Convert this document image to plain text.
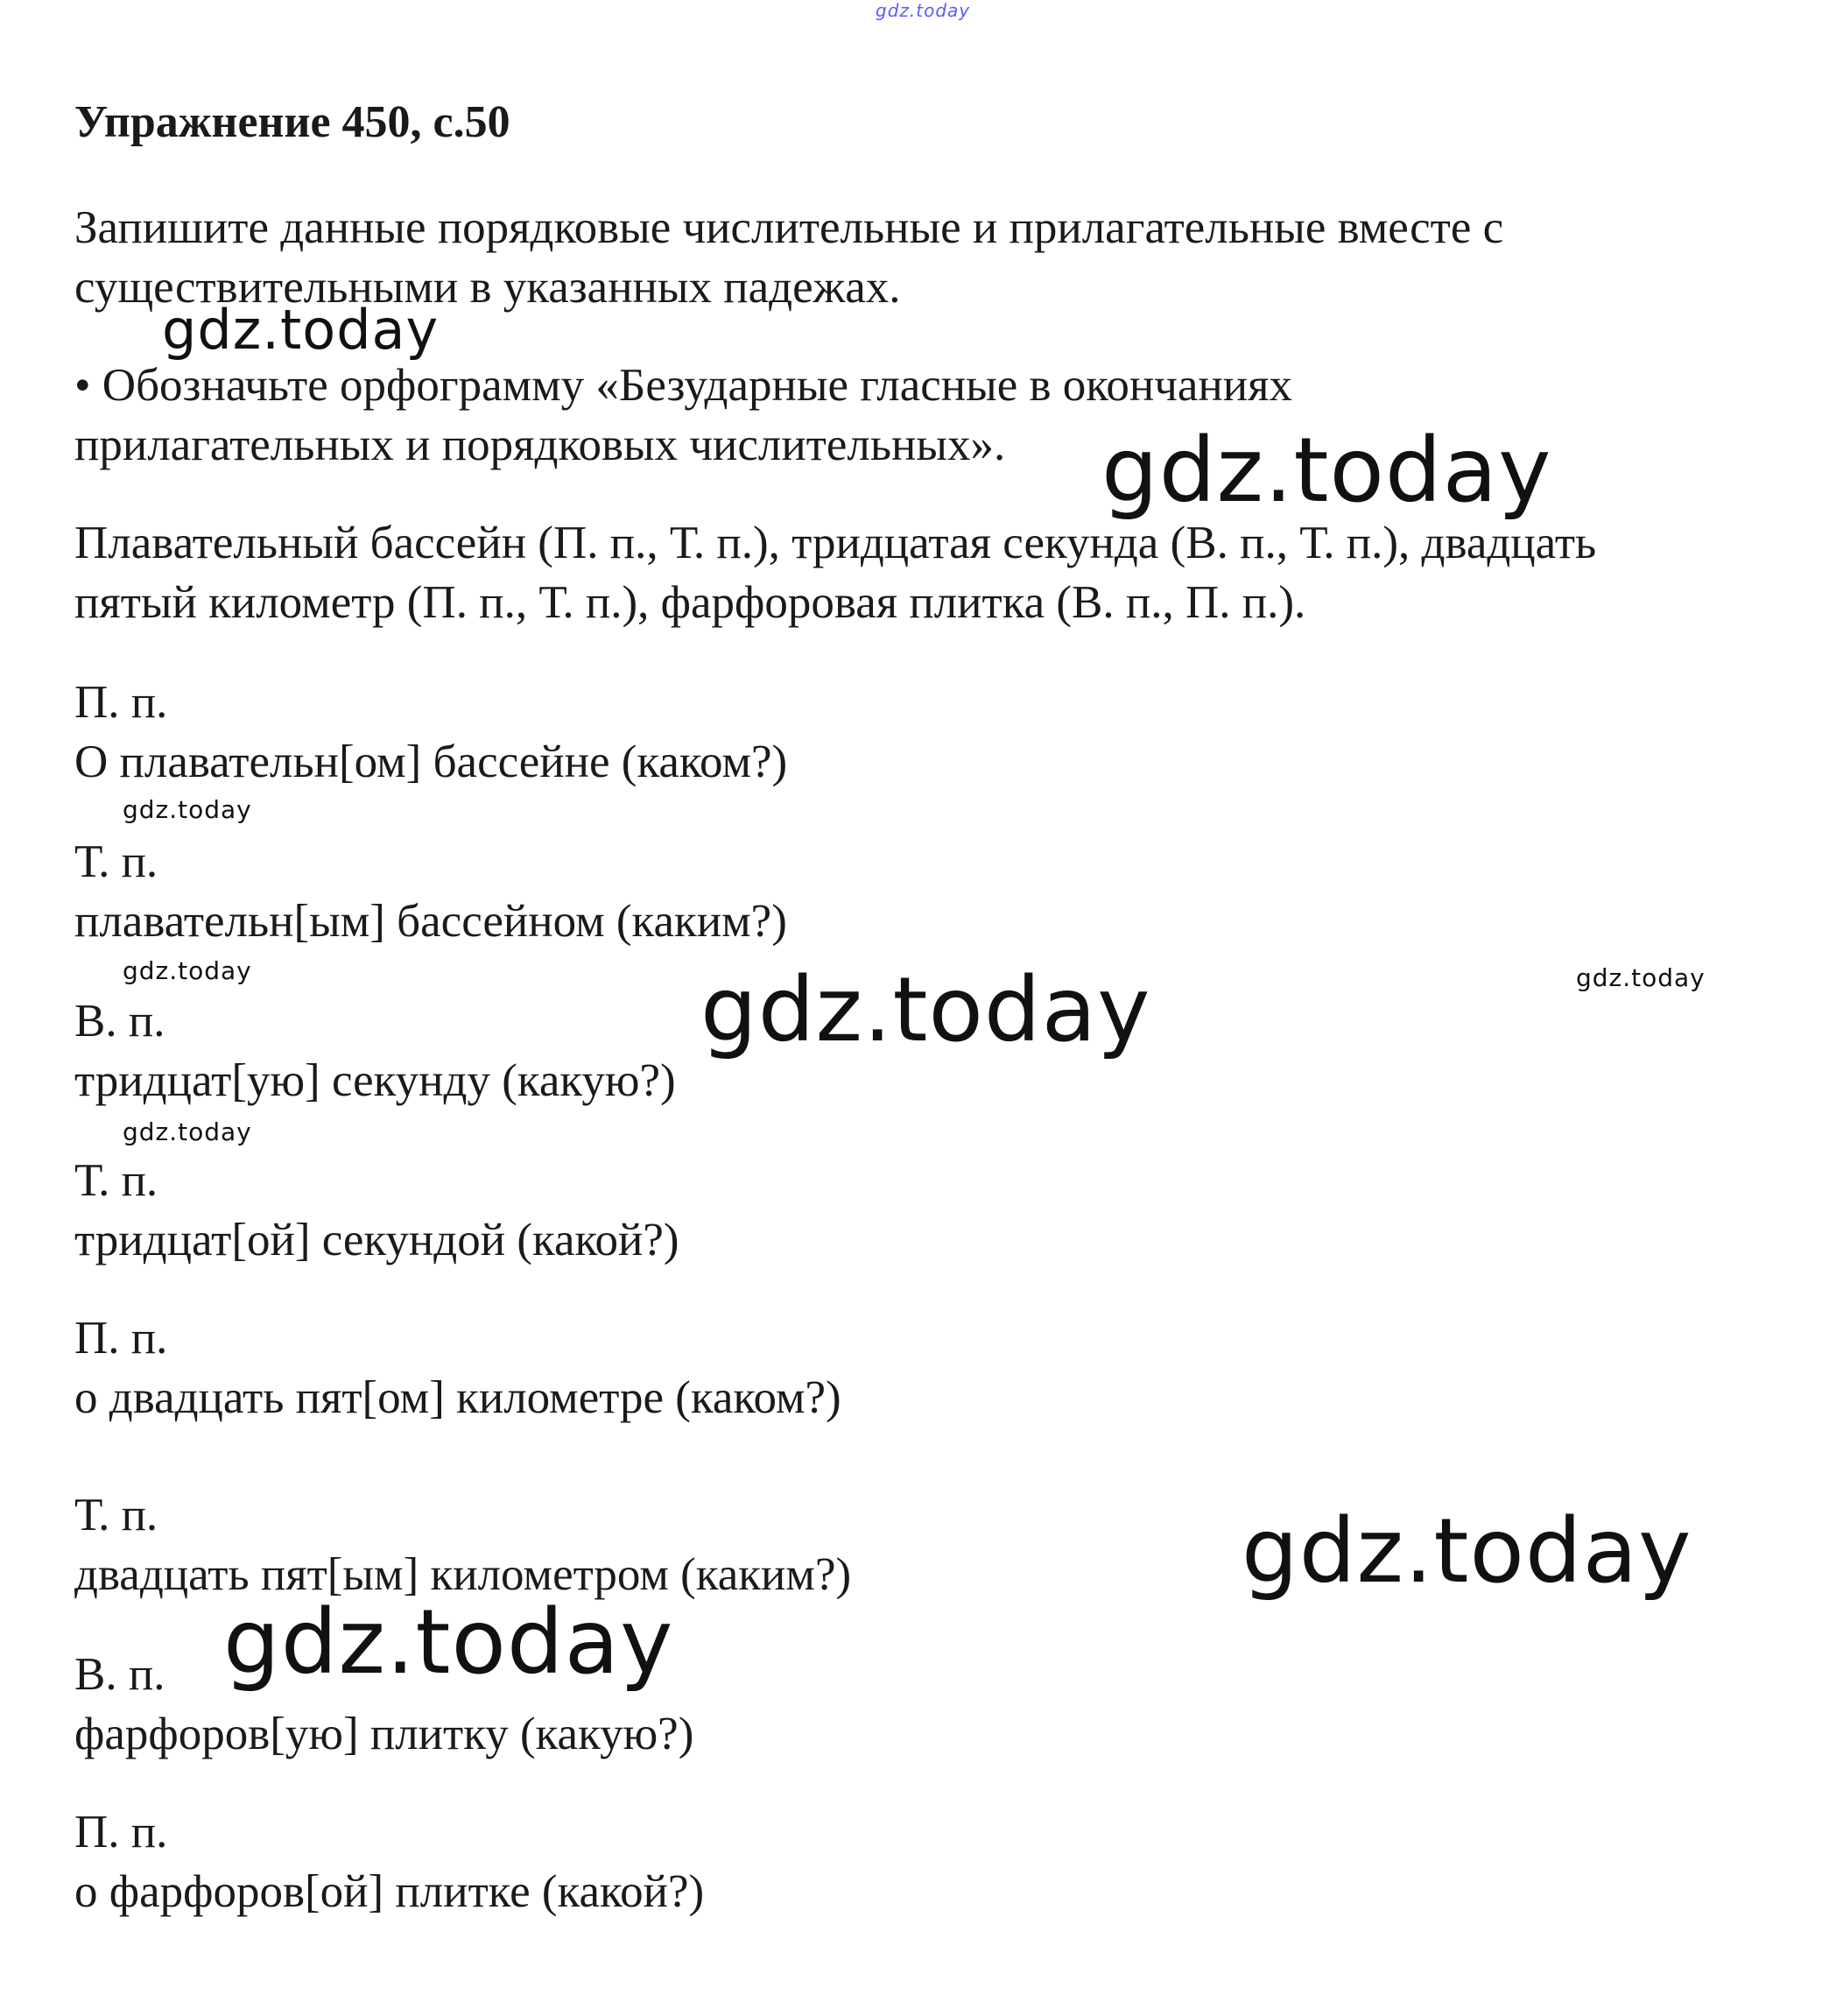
gdz.today
Упражнение 450, с.50
Запишите данные порядковые числительные и прилагательные вместе с
существительными в указанных падежах.
• Обозначьте орфограмму «Безударные гласные в окончаниях
прилагательных и порядковых числительных».
Плавательный бассейн (П. п., Т. п.), тридцатая секунда (В. п., Т. п.), двадцать
пятый километр (П. п., Т. п.), фарфоровая плитка (В. п., П. п.).
П. п.
О плавательн[ом] бассейне (каком?)
Т. п.
плавательн[ым] бассейном (каким?)
В. п.
тридцат[ую] секунду (какую?)
Т. п.
тридцат[ой] секундой (какой?)
П. п.
о двадцать пят[ом] километре (каком?)
Т. п.
двадцать пят[ым] километром (каким?)
В. п.
фарфоров[ую] плитку (какую?)
П. п.
о фарфоров[ой] плитке (какой?)
gdz.today
gdz.today
gdz.today
gdz.today	gdz.today
gdz.today
gdz.today
gdz.today
gdz.today
